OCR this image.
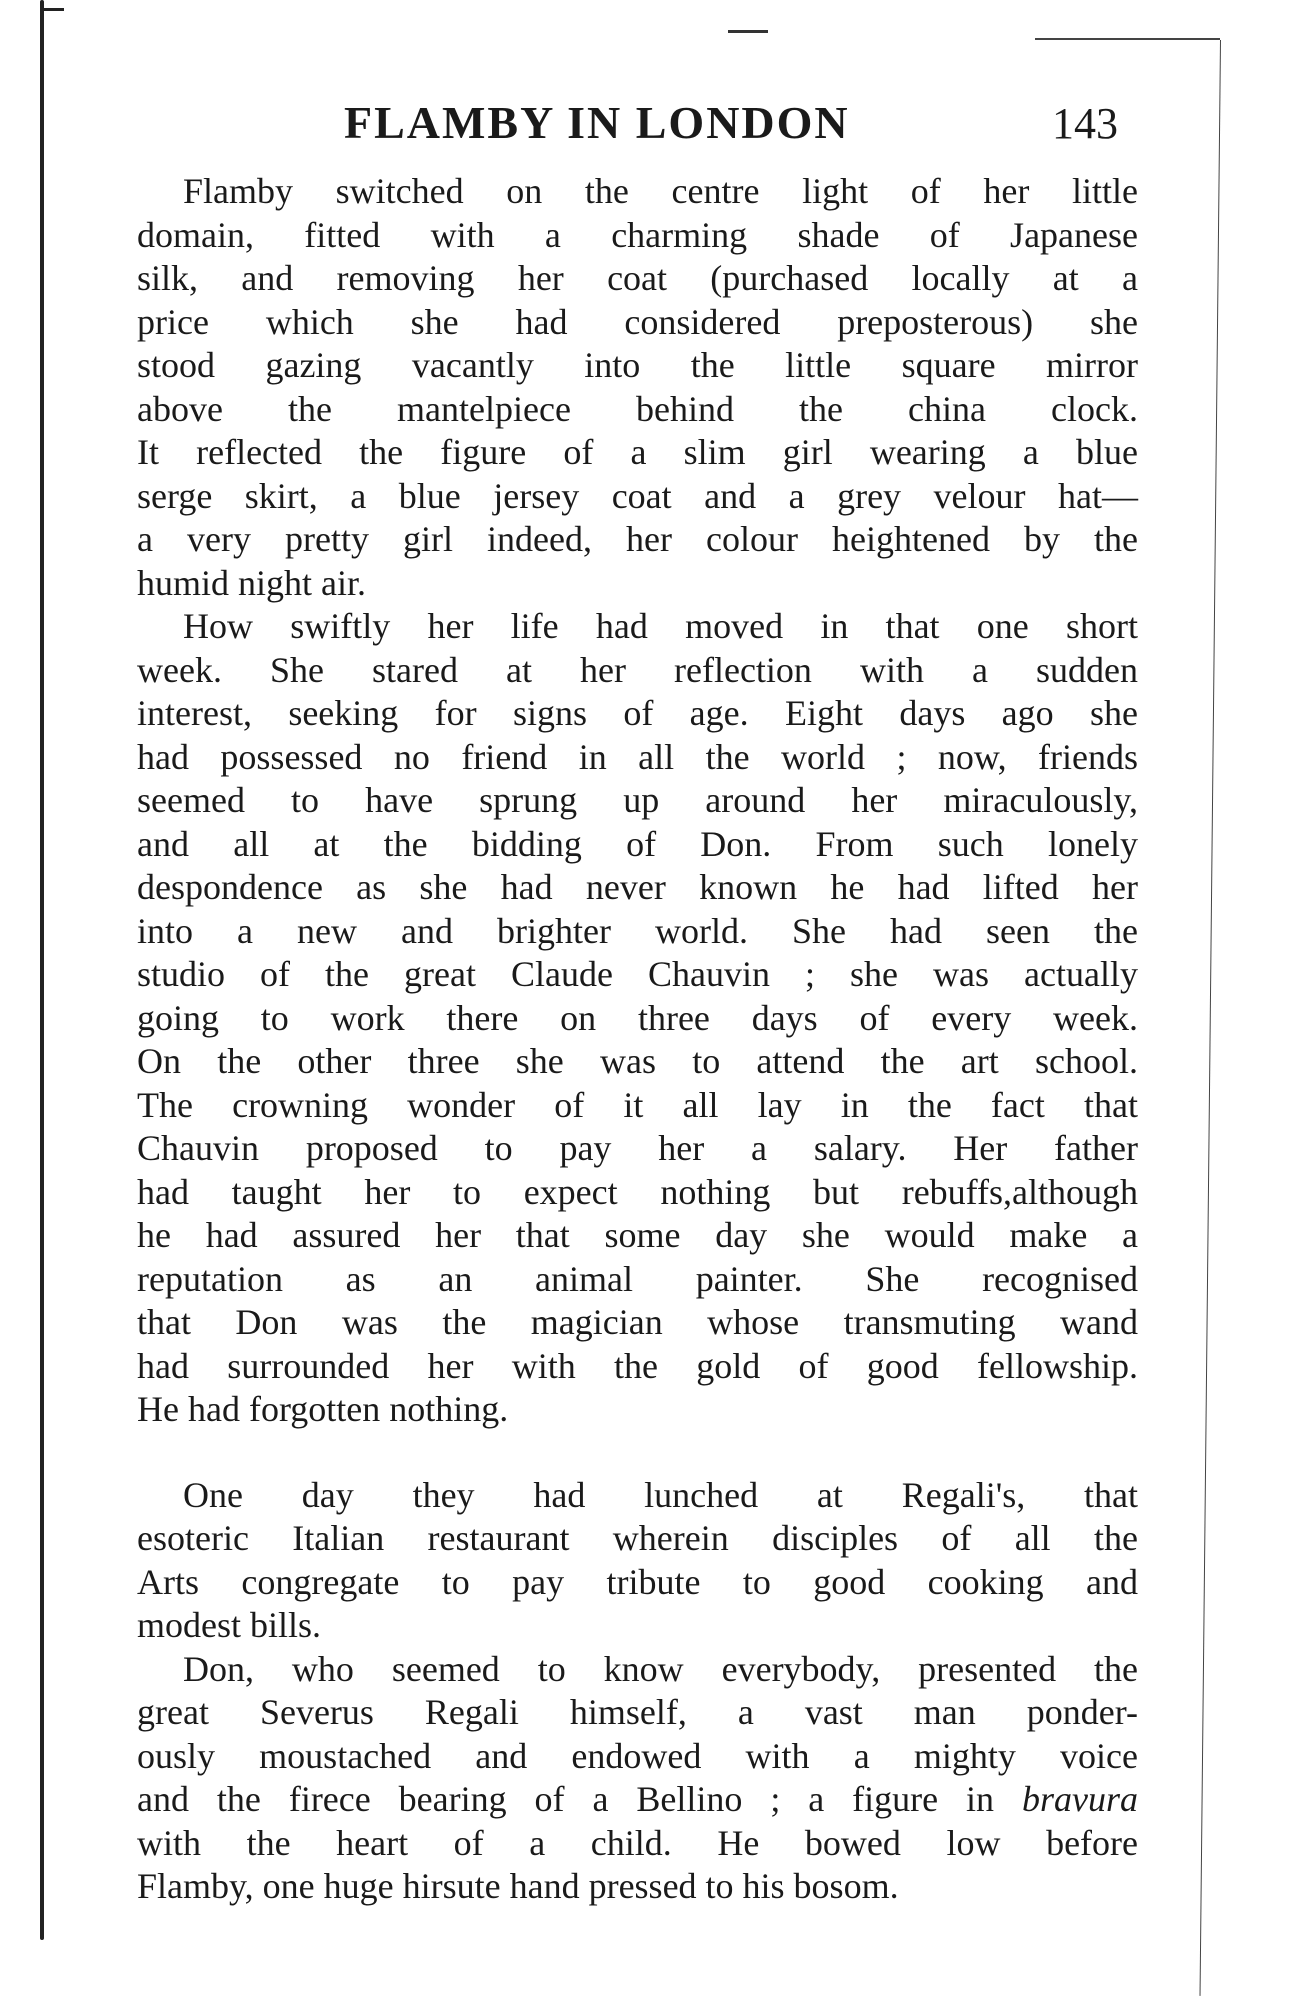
FLAMBY IN LONDON	143
Flamby switched on the centre light of her little
domain, fitted with a charming shade of Japanese
silk, and removing her coat (purchased locally at a
price which she had considered preposterous) she
stood gazing vacantly into the little square mirror
above the mantelpiece behind the china clock.
It reflected the figure of a slim girl wearing a blue
serge skirt, a blue jersey coat and a grey velour hat—
a very pretty girl indeed, her colour heightened by the
humid night air.
How swiftly her life had moved in that one short
week. She stared at her reflection with a sudden
interest, seeking for signs of age. Eight days ago she
had possessed no friend in all the world ; now, friends
seemed to have sprung up around her miraculously,
and all at the bidding of Don. From such lonely
despondence as she had never known he had lifted her
into a new and brighter world. She had seen the
studio of the great Claude Chauvin ; she was actually
going to work there on three days of every week.
On the other three she was to attend the art school.
The crowning wonder of it all lay in the fact that
Chauvin proposed to pay her a salary. Her father
had taught her to expect nothing but rebuffs,although
he had assured her that some day she would make a
reputation as an animal painter. She recognised
that Don was the magician whose transmuting wand
had surrounded her with the gold of good fellowship.
He had forgotten nothing.
One day they had lunched at Regali's, that
esoteric Italian restaurant wherein disciples of all the
Arts congregate to pay tribute to good cooking and
modest bills.
Don, who seemed to know everybody, presented the
great Severus Regali himself, a vast man ponder-
ously moustached and endowed with a mighty voice
and the firece bearing of a Bellino ; a figure in bravura
with the heart of a child. He bowed low before
Flamby, one huge hirsute hand pressed to his bosom.
